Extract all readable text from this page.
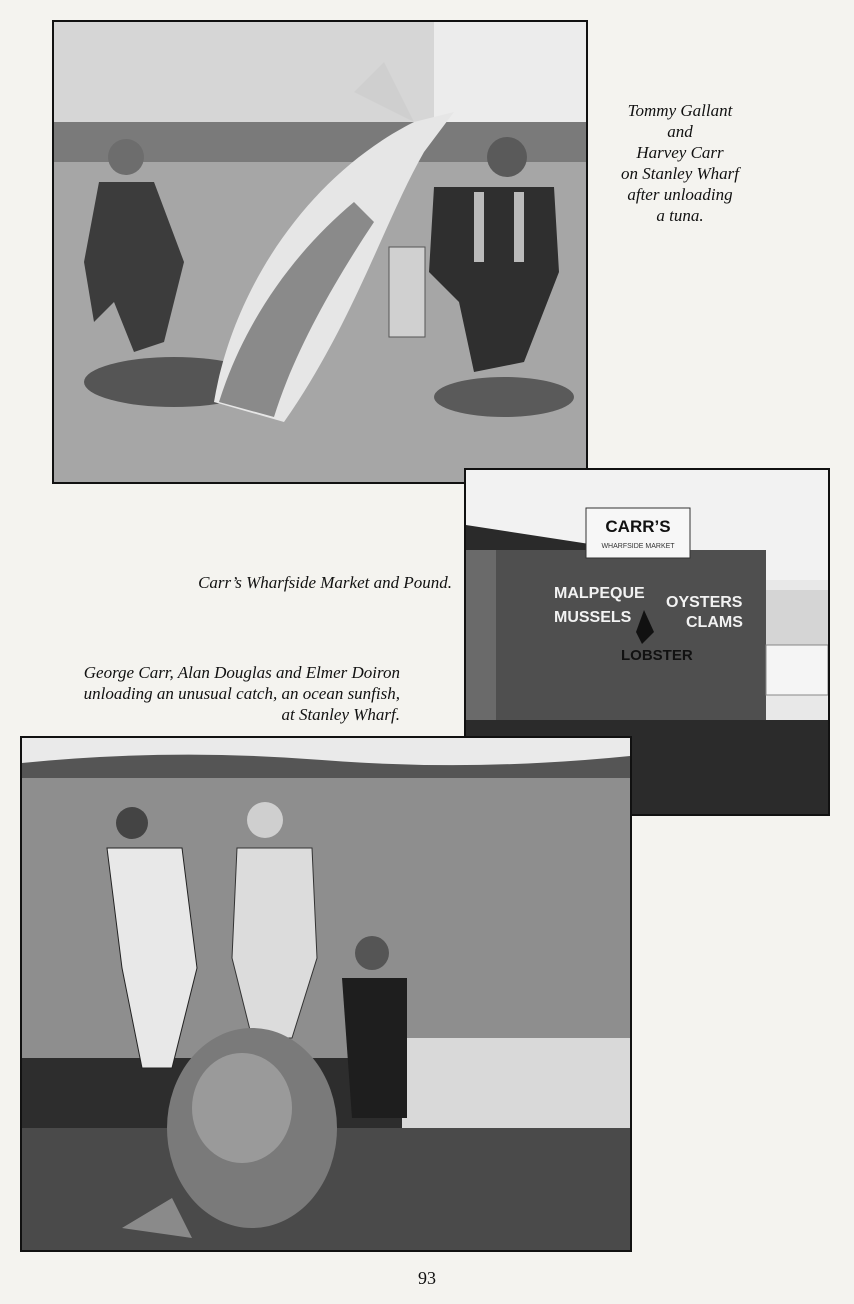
Tommy Gallant
and
Harvey Carr
on Stanley Wharf
after unloading
a tuna.
CARR’S
WHARFSIDE MARKET
MALPEQUE
OYSTERS
MUSSELS	CLAMS
LOBSTER
Carr’s Wharfside Market and Pound.
George Carr, Alan Douglas and Elmer Doiron
unloading an unusual catch, an ocean sunfish,
at Stanley Wharf.
93
